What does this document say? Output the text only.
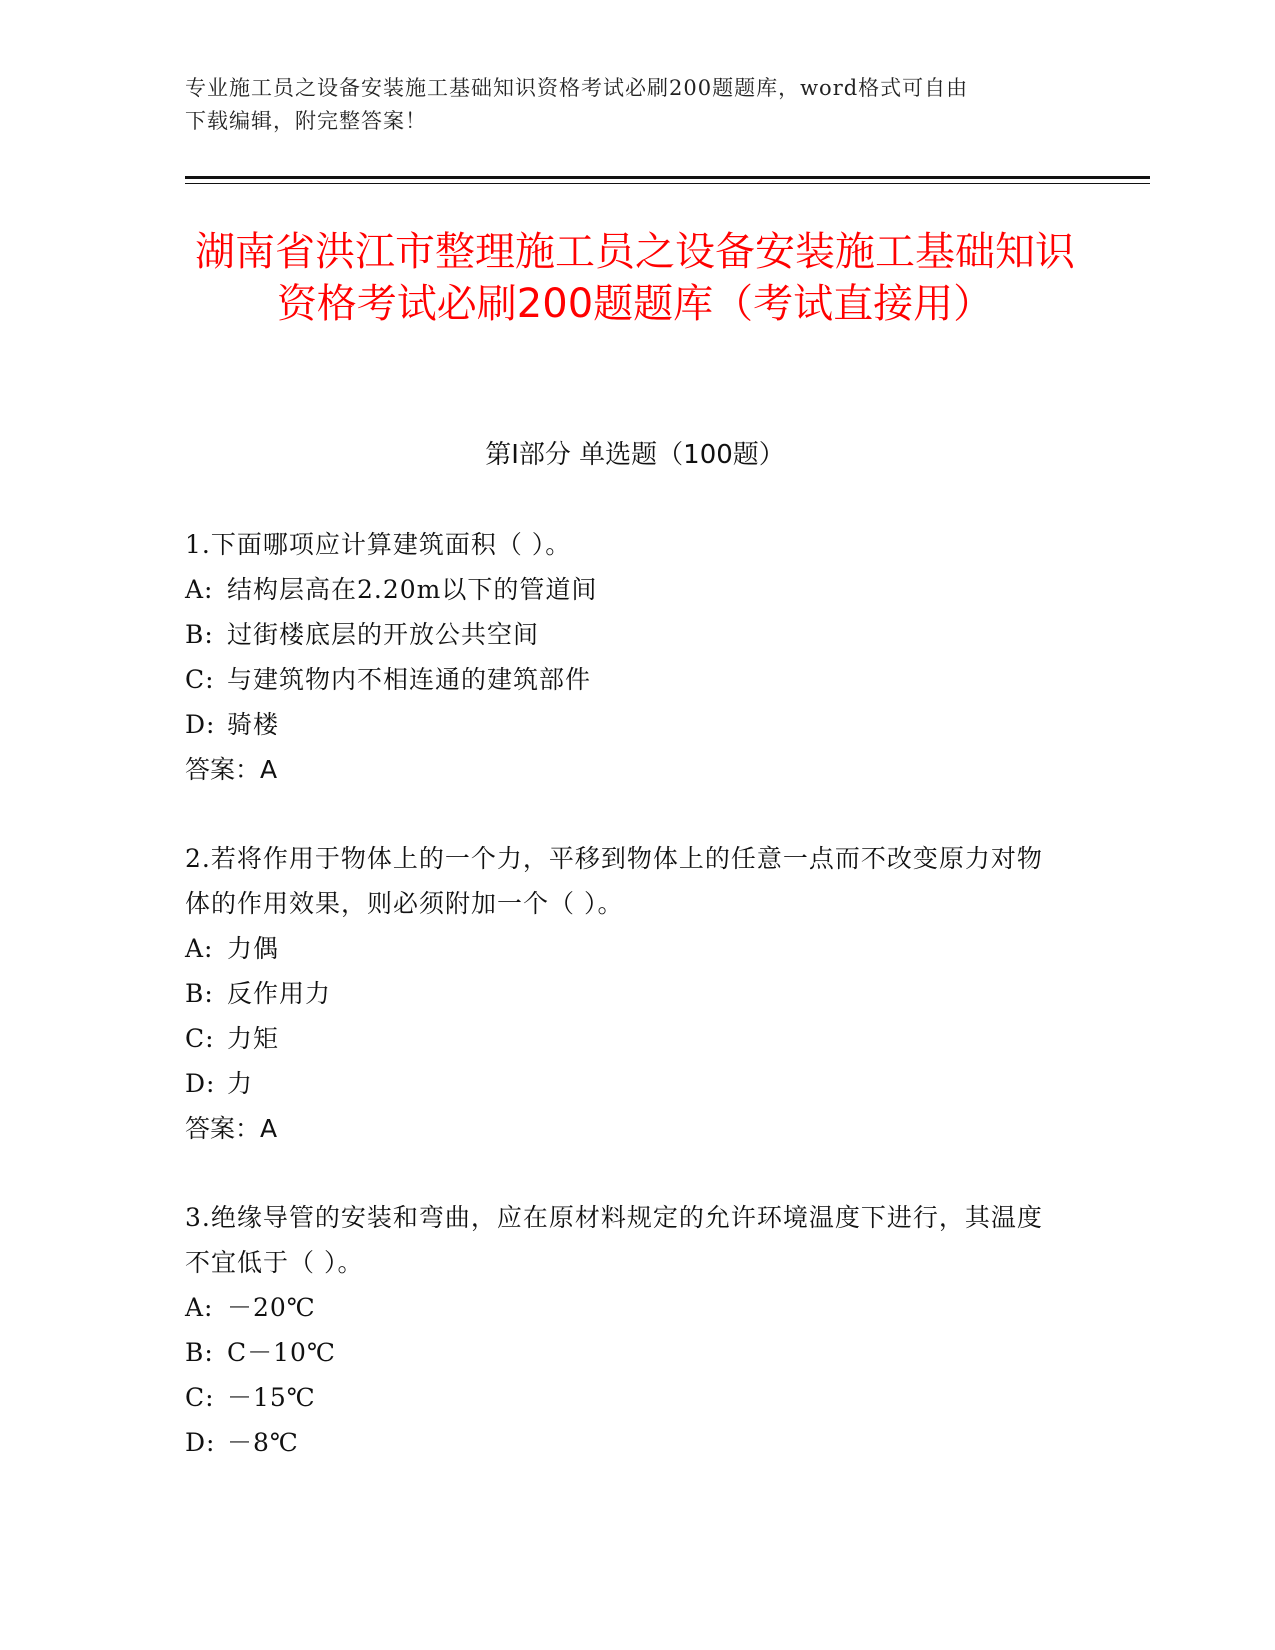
专业施工员之设备安装施工基础知识资格考试必刷200题题库，word格式可自由
下载编辑，附完整答案！
湖南省洪江市整理施工员之设备安装施工基础知识资格考试必刷200题题库（考试直接用）
第Ⅰ部分 单选题（100题）
1.下面哪项应计算建筑面积（ ）。
A: 结构层高在2.20m以下的管道间
B: 过街楼底层的开放公共空间
C: 与建筑物内不相连通的建筑部件
D: 骑楼
答案：A
2.若将作用于物体上的一个力，平移到物体上的任意一点而不改变原力对物体的作用效果，则必须附加一个（ ）。
A: 力偶
B: 反作用力
C: 力矩
D: 力
答案：A
3.绝缘导管的安装和弯曲，应在原材料规定的允许环境温度下进行，其温度不宜低于（ ）。
A: －20℃
B: C－10℃
C: －15℃
D: －8℃
